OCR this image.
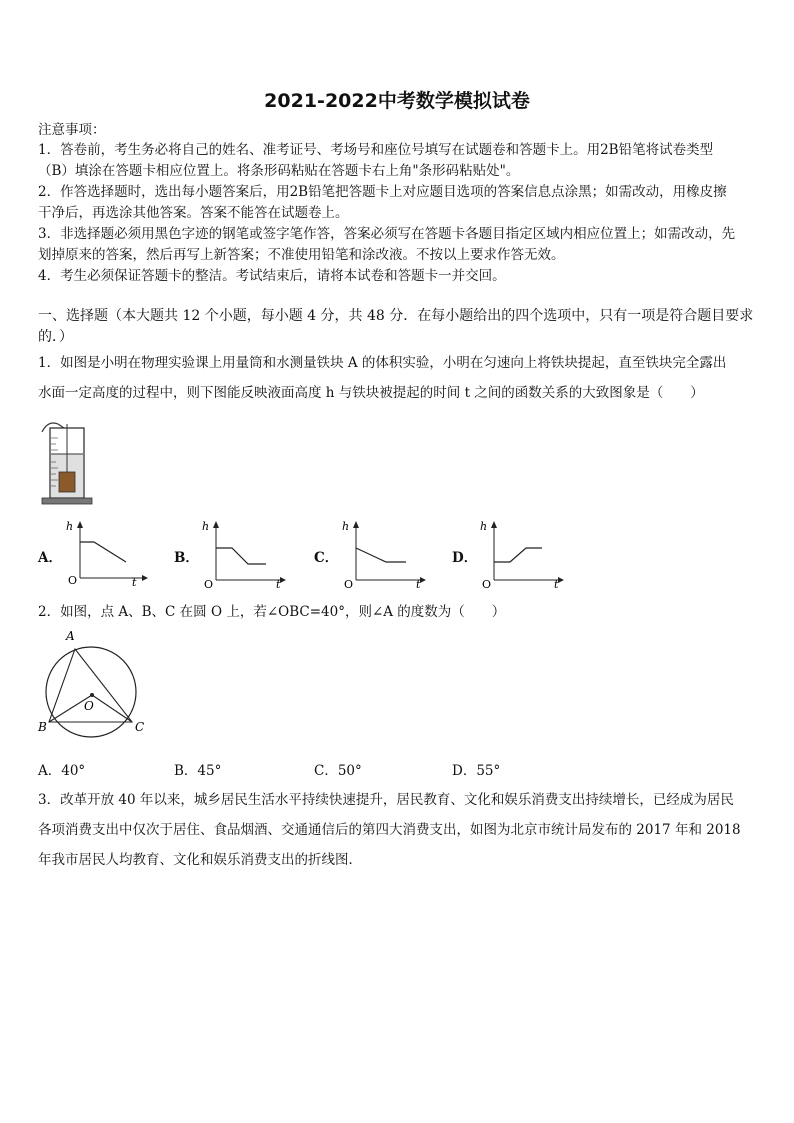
2021-2022中考数学模拟试卷
注意事项：
1．答卷前，考生务必将自己的姓名、准考证号、考场号和座位号填写在试题卷和答题卡上。用2B铅笔将试卷类型
（B）填涂在答题卡相应位置上。将条形码粘贴在答题卡右上角"条形码粘贴处"。
2．作答选择题时，选出每小题答案后，用2B铅笔把答题卡上对应题目选项的答案信息点涂黑；如需改动，用橡皮擦
干净后，再选涂其他答案。答案不能答在试题卷上。
3．非选择题必须用黑色字迹的钢笔或签字笔作答，答案必须写在答题卡各题目指定区域内相应位置上；如需改动，先
划掉原来的答案，然后再写上新答案；不准使用铅笔和涂改液。不按以上要求作答无效。
4．考生必须保证答题卡的整洁。考试结束后，请将本试卷和答题卡一并交回。
一、选择题（本大题共 12 个小题，每小题 4 分，共 48 分．在每小题给出的四个选项中，只有一项是符合题目要求
的．）
1．如图是小明在物理实验课上用量筒和水测量铁块 A 的体积实验，小明在匀速向上将铁块提起，直至铁块完全露出
水面一定高度的过程中，则下图能反映液面高度 h 与铁块被提起的时间 t 之间的函数关系的大致图象是（　　）
A．
h
O	t
B．
h
O	t
C．
h
O	t
D．
h
O	t
2．如图，点 A、B、C 在圆 O 上，若∠OBC=40°，则∠A 的度数为（　　）
A
B	C
O
A．40°	B．45°	C．50°	D．55°
3．改革开放 40 年以来，城乡居民生活水平持续快速提升，居民教育、文化和娱乐消费支出持续增长，已经成为居民
各项消费支出中仅次于居住、食品烟酒、交通通信后的第四大消费支出，如图为北京市统计局发布的 2017 年和 2018
年我市居民人均教育、文化和娱乐消费支出的折线图．
